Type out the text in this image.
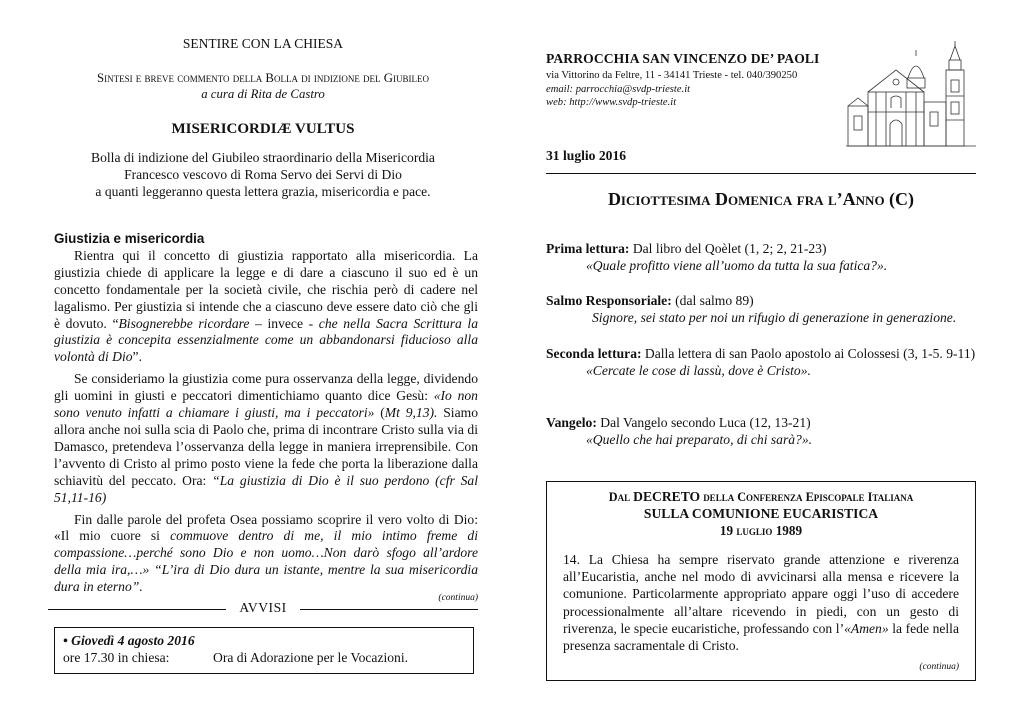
SENTIRE CON LA CHIESA
Sintesi e breve commento della Bolla di indizione del Giubileo
a cura di Rita de Castro
MISERICORDIÆ VULTUS
Bolla di indizione del Giubileo straordinario della Misericordia
Francesco vescovo di Roma Servo dei Servi di Dio
a quanti leggeranno questa lettera grazia, misericordia e pace.

Giustizia e misericordia

Rientra qui il concetto di giustizia rapportato alla misericordia. La giustizia chiede di applicare la legge e di dare a ciascuno il suo ed è un concetto fondamentale per la società civile, che rischia però di cadere nel lagalismo. Per giustizia si intende che a ciascuno deve essere dato ciò che gli è dovuto. “Bisognerebbe ricordare – invece - che nella Sacra Scrittura la giustizia è concepita essenzialmente come un abbandonarsi fiducioso alla volontà di Dio”.

Se consideriamo la giustizia come pura osservanza della legge, dividendo gli uomini in giusti e peccatori dimentichiamo quanto dice Gesù: «Io non sono venuto infatti a chiamare i giusti, ma i peccatori» (Mt 9,13). Siamo allora anche noi sulla scia di Paolo che, prima di incontrare Cristo sulla via di Damasco, pretendeva l’osservanza della legge in maniera irreprensibile. Con l’avvento di Cristo al primo posto viene la fede che porta la liberazione dalla schiavitù del peccato. Ora: “La giustizia di Dio è il suo perdono (cfr Sal 51,11-16)

Fin dalle parole del profeta Osea possiamo scoprire il vero volto di Dio: «Il mio cuore si commuove dentro di me, il mio intimo freme di compassione…perché sono Dio e non uomo…Non darò sfogo all’ardore della mia ira,…» “L’ira di Dio dura un istante, mentre la sua misericordia dura in eterno”.

(continua)

AVVISI
• Giovedì 4 agosto 2016
ore 17.30 in chiesa:	Ora di Adorazione per le Vocazioni.
PARROCCHIA SAN VINCENZO DE’ PAOLI
via Vittorino da Feltre, 11 - 34141 Trieste - tel. 040/390250
email: parrocchia@svdp-trieste.it
web: http://www.svdp-trieste.it
31 luglio 2016
Diciottesima Domenica fra l’Anno (C)
Prima lettura: Dal libro del Qoèlet (1, 2; 2, 21-23)
«Quale profitto viene all’uomo da tutta la sua fatica?».
Salmo Responsoriale: (dal salmo 89)
Signore, sei stato per noi un rifugio di generazione in generazione.
Seconda lettura: Dalla lettera di san Paolo apostolo ai Colossesi (3, 1-5. 9-11)
«Cercate le cose di lassù, dove è Cristo».
Vangelo: Dal Vangelo secondo Luca (12, 13-21)
«Quello che hai preparato, di chi sarà?».
Dal DECRETO della Conferenza Episcopale Italiana
SULLA COMUNIONE EUCARISTICA
19 luglio 1989
14. La Chiesa ha sempre riservato grande attenzione e riverenza all’Eucaristia, anche nel modo di avvicinarsi alla mensa e ricevere la comunione. Particolarmente appropriato appare oggi l’uso di accedere processionalmente all’altare ricevendo in piedi, con un gesto di riverenza, le specie eucaristiche, professando con l’«Amen» la fede nella presenza sacramentale di Cristo.
(continua)
